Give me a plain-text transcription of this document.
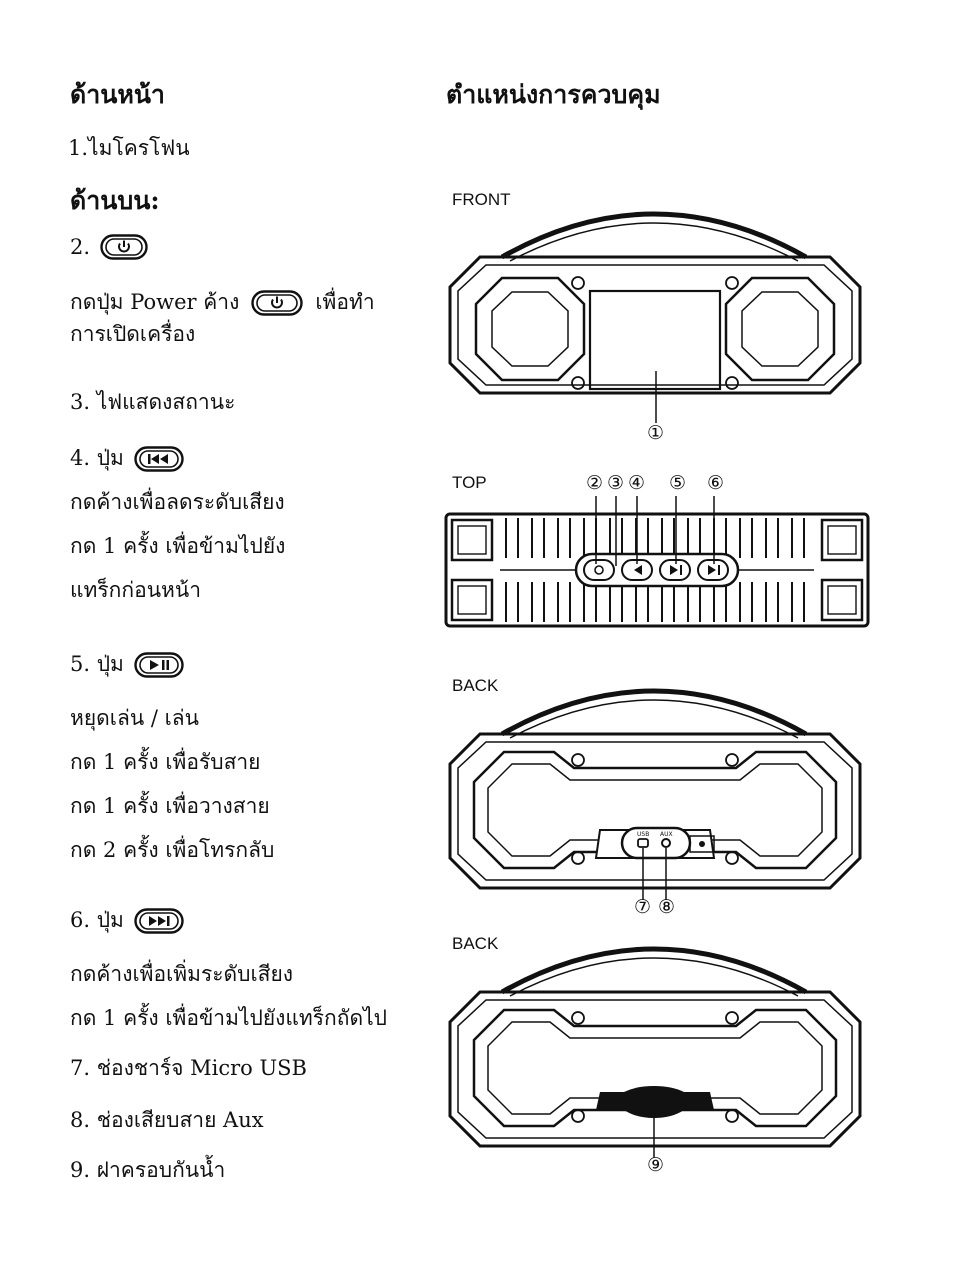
ด้านหน้า
1.ไมโครโฟน
ด้านบน:
2.
กดปุ่ม Power ค้าง	เพื่อทำ
การเปิดเครื่อง
3. ไฟแสดงสถานะ
4. ปุ่ม
กดค้างเพื่อลดระดับเสียง
กด 1 ครั้ง เพื่อข้ามไปยัง
แทร็กก่อนหน้า
5. ปุ่ม
หยุดเล่น / เล่น
กด 1 ครั้ง เพื่อรับสาย
กด 1 ครั้ง เพื่อวางสาย
กด 2 ครั้ง เพื่อโทรกลับ
6. ปุ่ม
กดค้างเพื่อเพิ่มระดับเสียง
กด 1 ครั้ง เพื่อข้ามไปยังแทร็กถัดไป
7. ช่องชาร์จ Micro USB
8. ช่องเสียบสาย Aux
9. ฝาครอบกันน้ำ
ตำแหน่งการควบคุม
FRONT
①
TOP	② ③ ④ ⑤ ⑥
BACK
USB AUX
⑦ ⑧
BACK
⑨
